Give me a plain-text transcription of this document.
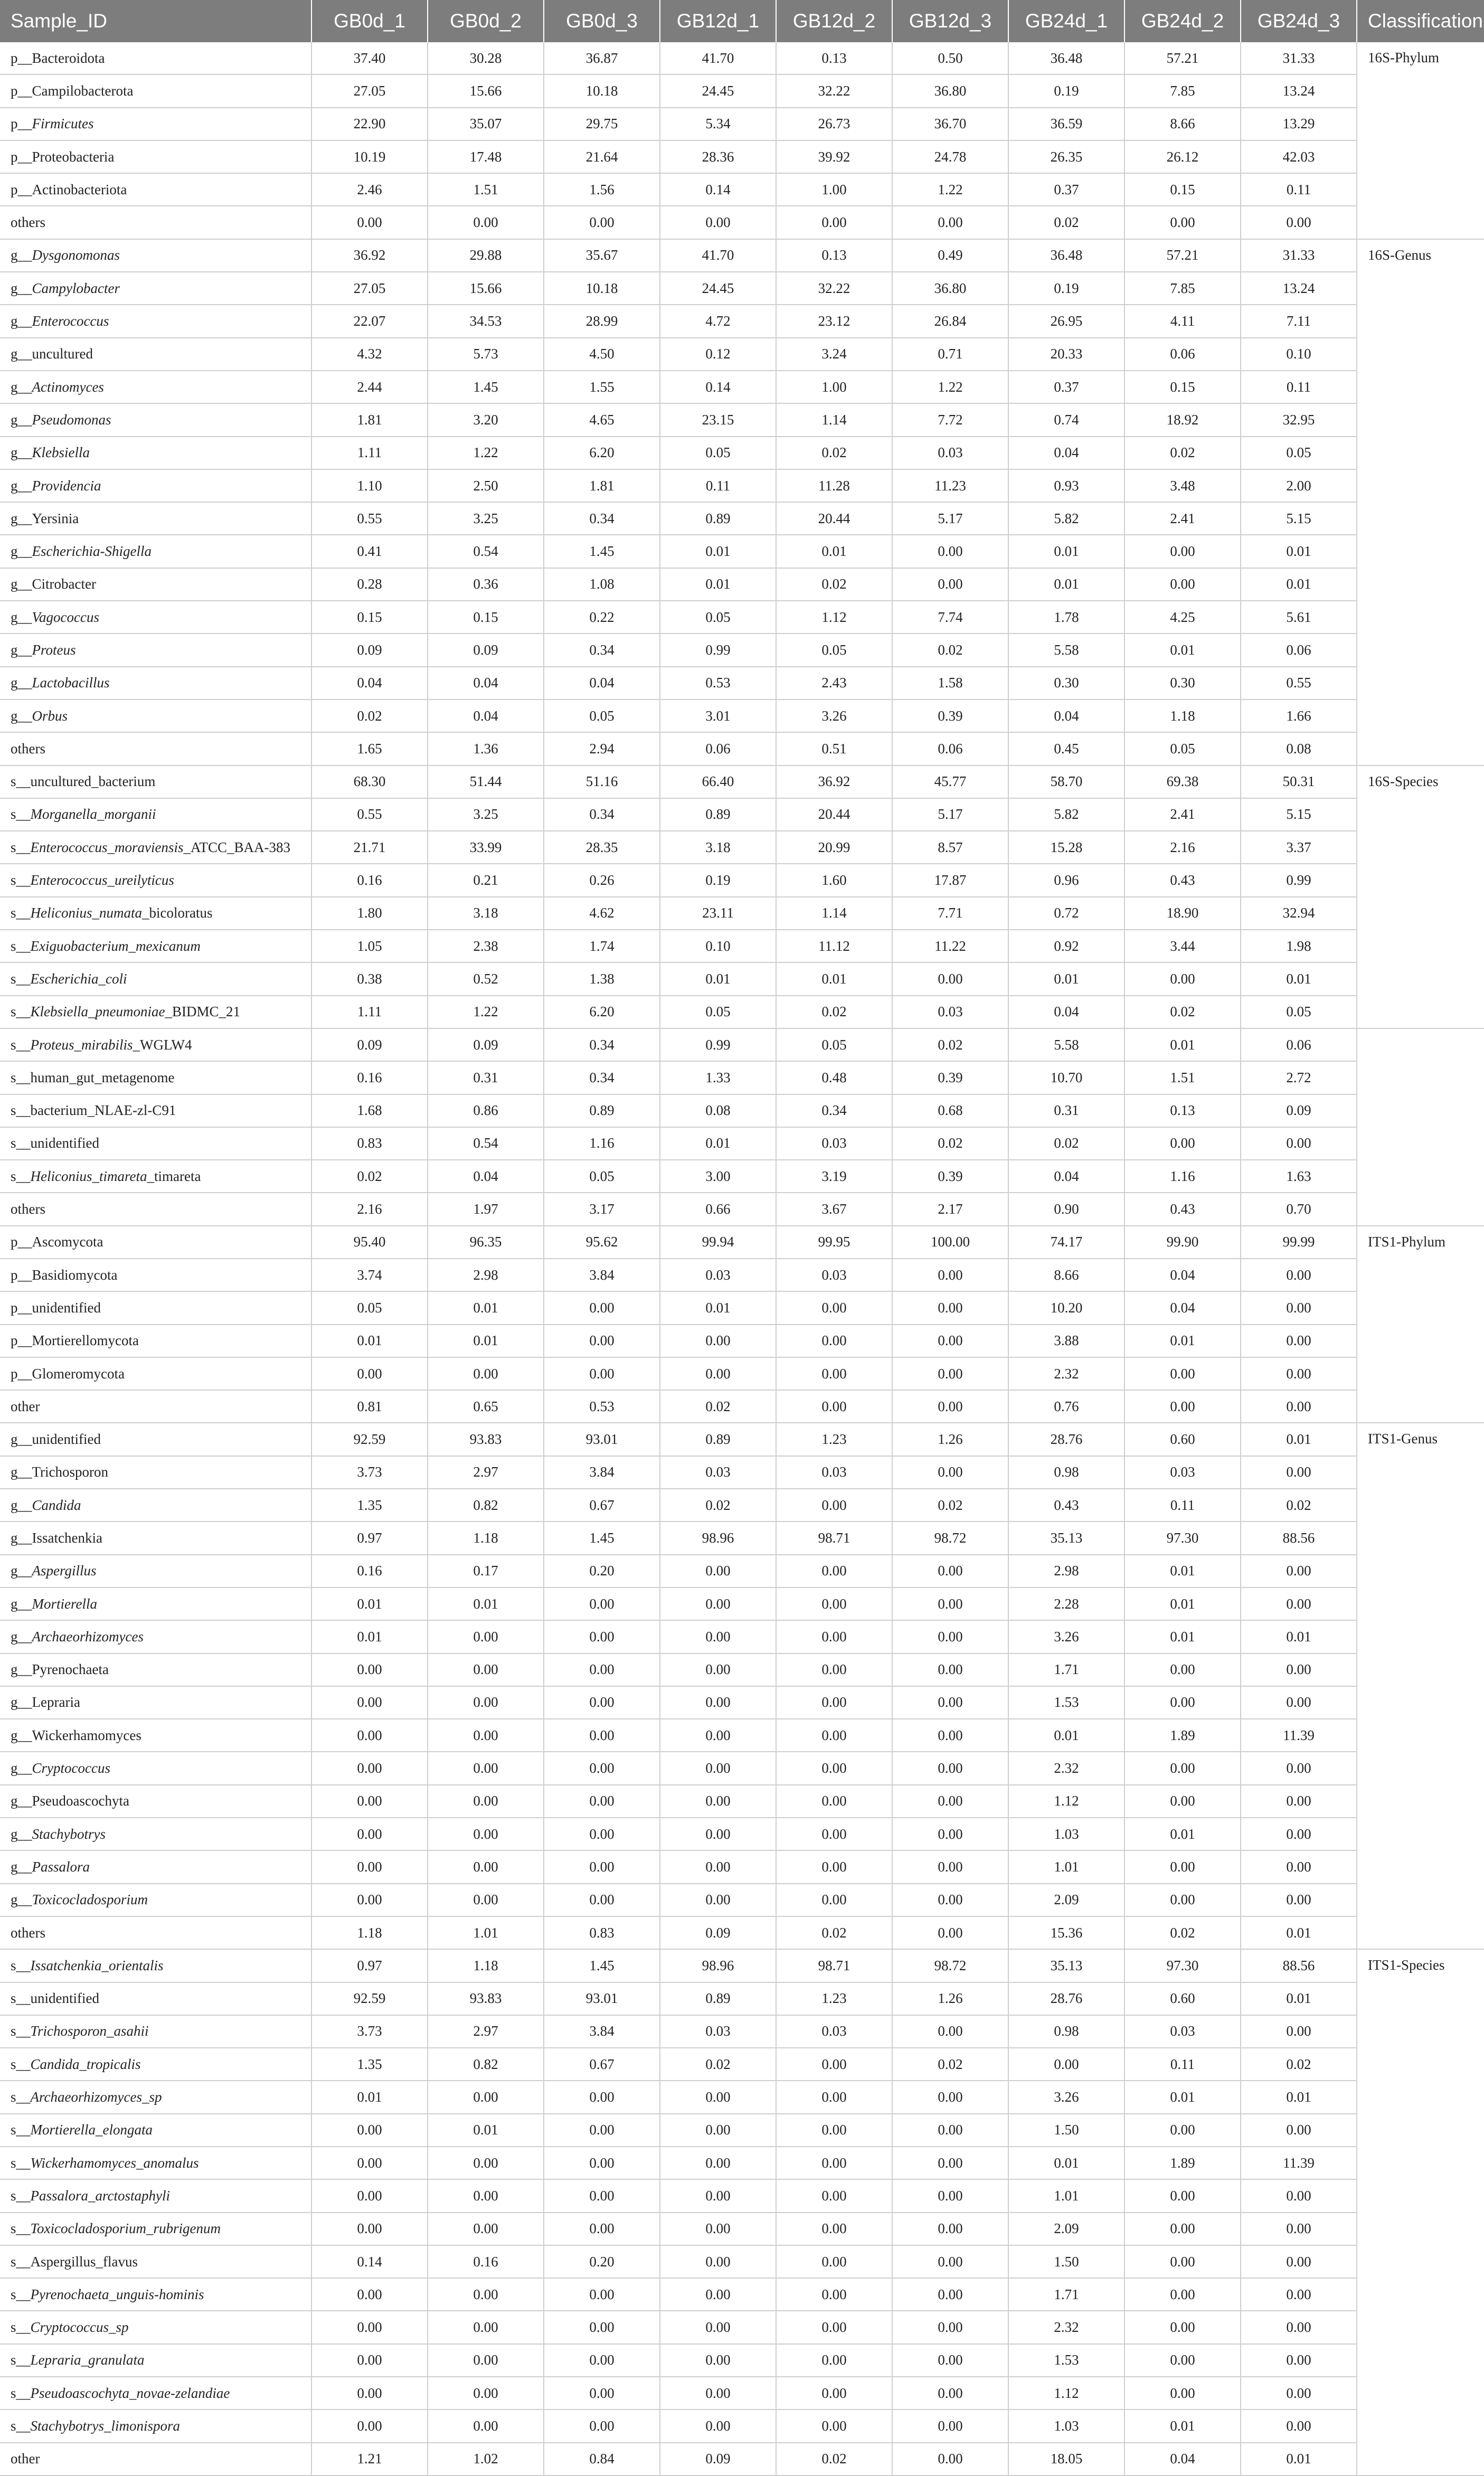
Sample_ID	GB0d_1	GB0d_2	GB0d_3	GB12d_1	GB12d_2	GB12d_3	GB24d_1	GB24d_2	GB24d_3	Classification
p__Bacteroidota	37.40	30.28	36.87	41.70	0.13	0.50	36.48	57.21	31.33	16S-Phylum
p__Campilobacterota	27.05	15.66	10.18	24.45	32.22	36.80	0.19	7.85	13.24	
p__Firmicutes	22.90	35.07	29.75	5.34	26.73	36.70	36.59	8.66	13.29	
p__Proteobacteria	10.19	17.48	21.64	28.36	39.92	24.78	26.35	26.12	42.03	
p__Actinobacteriota	2.46	1.51	1.56	0.14	1.00	1.22	0.37	0.15	0.11	
others	0.00	0.00	0.00	0.00	0.00	0.00	0.02	0.00	0.00	
g__Dysgonomonas	36.92	29.88	35.67	41.70	0.13	0.49	36.48	57.21	31.33	16S-Genus
g__Campylobacter	27.05	15.66	10.18	24.45	32.22	36.80	0.19	7.85	13.24	
g__Enterococcus	22.07	34.53	28.99	4.72	23.12	26.84	26.95	4.11	7.11	
g__uncultured	4.32	5.73	4.50	0.12	3.24	0.71	20.33	0.06	0.10	
g__Actinomyces	2.44	1.45	1.55	0.14	1.00	1.22	0.37	0.15	0.11	
g__Pseudomonas	1.81	3.20	4.65	23.15	1.14	7.72	0.74	18.92	32.95	
g__Klebsiella	1.11	1.22	6.20	0.05	0.02	0.03	0.04	0.02	0.05	
g__Providencia	1.10	2.50	1.81	0.11	11.28	11.23	0.93	3.48	2.00	
g__Yersinia	0.55	3.25	0.34	0.89	20.44	5.17	5.82	2.41	5.15	
g__Escherichia-Shigella	0.41	0.54	1.45	0.01	0.01	0.00	0.01	0.00	0.01	
g__Citrobacter	0.28	0.36	1.08	0.01	0.02	0.00	0.01	0.00	0.01	
g__Vagococcus	0.15	0.15	0.22	0.05	1.12	7.74	1.78	4.25	5.61	
g__Proteus	0.09	0.09	0.34	0.99	0.05	0.02	5.58	0.01	0.06	
g__Lactobacillus	0.04	0.04	0.04	0.53	2.43	1.58	0.30	0.30	0.55	
g__Orbus	0.02	0.04	0.05	3.01	3.26	0.39	0.04	1.18	1.66	
others	1.65	1.36	2.94	0.06	0.51	0.06	0.45	0.05	0.08	
s__uncultured_bacterium	68.30	51.44	51.16	66.40	36.92	45.77	58.70	69.38	50.31	16S-Species
s__Morganella_morganii	0.55	3.25	0.34	0.89	20.44	5.17	5.82	2.41	5.15	
s__Enterococcus_moraviensis_ATCC_BAA-383	21.71	33.99	28.35	3.18	20.99	8.57	15.28	2.16	3.37	
s__Enterococcus_ureilyticus	0.16	0.21	0.26	0.19	1.60	17.87	0.96	0.43	0.99	
s__Heliconius_numata_bicoloratus	1.80	3.18	4.62	23.11	1.14	7.71	0.72	18.90	32.94	
s__Exiguobacterium_mexicanum	1.05	2.38	1.74	0.10	11.12	11.22	0.92	3.44	1.98	
s__Escherichia_coli	0.38	0.52	1.38	0.01	0.01	0.00	0.01	0.00	0.01	
s__Klebsiella_pneumoniae_BIDMC_21	1.11	1.22	6.20	0.05	0.02	0.03	0.04	0.02	0.05	
s__Proteus_mirabilis_WGLW4	0.09	0.09	0.34	0.99	0.05	0.02	5.58	0.01	0.06	
s__human_gut_metagenome	0.16	0.31	0.34	1.33	0.48	0.39	10.70	1.51	2.72	
s__bacterium_NLAE-zl-C91	1.68	0.86	0.89	0.08	0.34	0.68	0.31	0.13	0.09	
s__unidentified	0.83	0.54	1.16	0.01	0.03	0.02	0.02	0.00	0.00	
s__Heliconius_timareta_timareta	0.02	0.04	0.05	3.00	3.19	0.39	0.04	1.16	1.63	
others	2.16	1.97	3.17	0.66	3.67	2.17	0.90	0.43	0.70	
p__Ascomycota	95.40	96.35	95.62	99.94	99.95	100.00	74.17	99.90	99.99	ITS1-Phylum
p__Basidiomycota	3.74	2.98	3.84	0.03	0.03	0.00	8.66	0.04	0.00	
p__unidentified	0.05	0.01	0.00	0.01	0.00	0.00	10.20	0.04	0.00	
p__Mortierellomycota	0.01	0.01	0.00	0.00	0.00	0.00	3.88	0.01	0.00	
p__Glomeromycota	0.00	0.00	0.00	0.00	0.00	0.00	2.32	0.00	0.00	
other	0.81	0.65	0.53	0.02	0.00	0.00	0.76	0.00	0.00	
g__unidentified	92.59	93.83	93.01	0.89	1.23	1.26	28.76	0.60	0.01	ITS1-Genus
g__Trichosporon	3.73	2.97	3.84	0.03	0.03	0.00	0.98	0.03	0.00	
g__Candida	1.35	0.82	0.67	0.02	0.00	0.02	0.43	0.11	0.02	
g__Issatchenkia	0.97	1.18	1.45	98.96	98.71	98.72	35.13	97.30	88.56	
g__Aspergillus	0.16	0.17	0.20	0.00	0.00	0.00	2.98	0.01	0.00	
g__Mortierella	0.01	0.01	0.00	0.00	0.00	0.00	2.28	0.01	0.00	
g__Archaeorhizomyces	0.01	0.00	0.00	0.00	0.00	0.00	3.26	0.01	0.01	
g__Pyrenochaeta	0.00	0.00	0.00	0.00	0.00	0.00	1.71	0.00	0.00	
g__Lepraria	0.00	0.00	0.00	0.00	0.00	0.00	1.53	0.00	0.00	
g__Wickerhamomyces	0.00	0.00	0.00	0.00	0.00	0.00	0.01	1.89	11.39	
g__Cryptococcus	0.00	0.00	0.00	0.00	0.00	0.00	2.32	0.00	0.00	
g__Pseudoascochyta	0.00	0.00	0.00	0.00	0.00	0.00	1.12	0.00	0.00	
g__Stachybotrys	0.00	0.00	0.00	0.00	0.00	0.00	1.03	0.01	0.00	
g__Passalora	0.00	0.00	0.00	0.00	0.00	0.00	1.01	0.00	0.00	
g__Toxicocladosporium	0.00	0.00	0.00	0.00	0.00	0.00	2.09	0.00	0.00	
others	1.18	1.01	0.83	0.09	0.02	0.00	15.36	0.02	0.01	
s__Issatchenkia_orientalis	0.97	1.18	1.45	98.96	98.71	98.72	35.13	97.30	88.56	ITS1-Species
s__unidentified	92.59	93.83	93.01	0.89	1.23	1.26	28.76	0.60	0.01	
s__Trichosporon_asahii	3.73	2.97	3.84	0.03	0.03	0.00	0.98	0.03	0.00	
s__Candida_tropicalis	1.35	0.82	0.67	0.02	0.00	0.02	0.00	0.11	0.02	
s__Archaeorhizomyces_sp	0.01	0.00	0.00	0.00	0.00	0.00	3.26	0.01	0.01	
s__Mortierella_elongata	0.00	0.01	0.00	0.00	0.00	0.00	1.50	0.00	0.00	
s__Wickerhamomyces_anomalus	0.00	0.00	0.00	0.00	0.00	0.00	0.01	1.89	11.39	
s__Passalora_arctostaphyli	0.00	0.00	0.00	0.00	0.00	0.00	1.01	0.00	0.00	
s__Toxicocladosporium_rubrigenum	0.00	0.00	0.00	0.00	0.00	0.00	2.09	0.00	0.00	
s__Aspergillus_flavus	0.14	0.16	0.20	0.00	0.00	0.00	1.50	0.00	0.00	
s__Pyrenochaeta_unguis-hominis	0.00	0.00	0.00	0.00	0.00	0.00	1.71	0.00	0.00	
s__Cryptococcus_sp	0.00	0.00	0.00	0.00	0.00	0.00	2.32	0.00	0.00	
s__Lepraria_granulata	0.00	0.00	0.00	0.00	0.00	0.00	1.53	0.00	0.00	
s__Pseudoascochyta_novae-zelandiae	0.00	0.00	0.00	0.00	0.00	0.00	1.12	0.00	0.00	
s__Stachybotrys_limonispora	0.00	0.00	0.00	0.00	0.00	0.00	1.03	0.01	0.00	
other	1.21	1.02	0.84	0.09	0.02	0.00	18.05	0.04	0.01	
